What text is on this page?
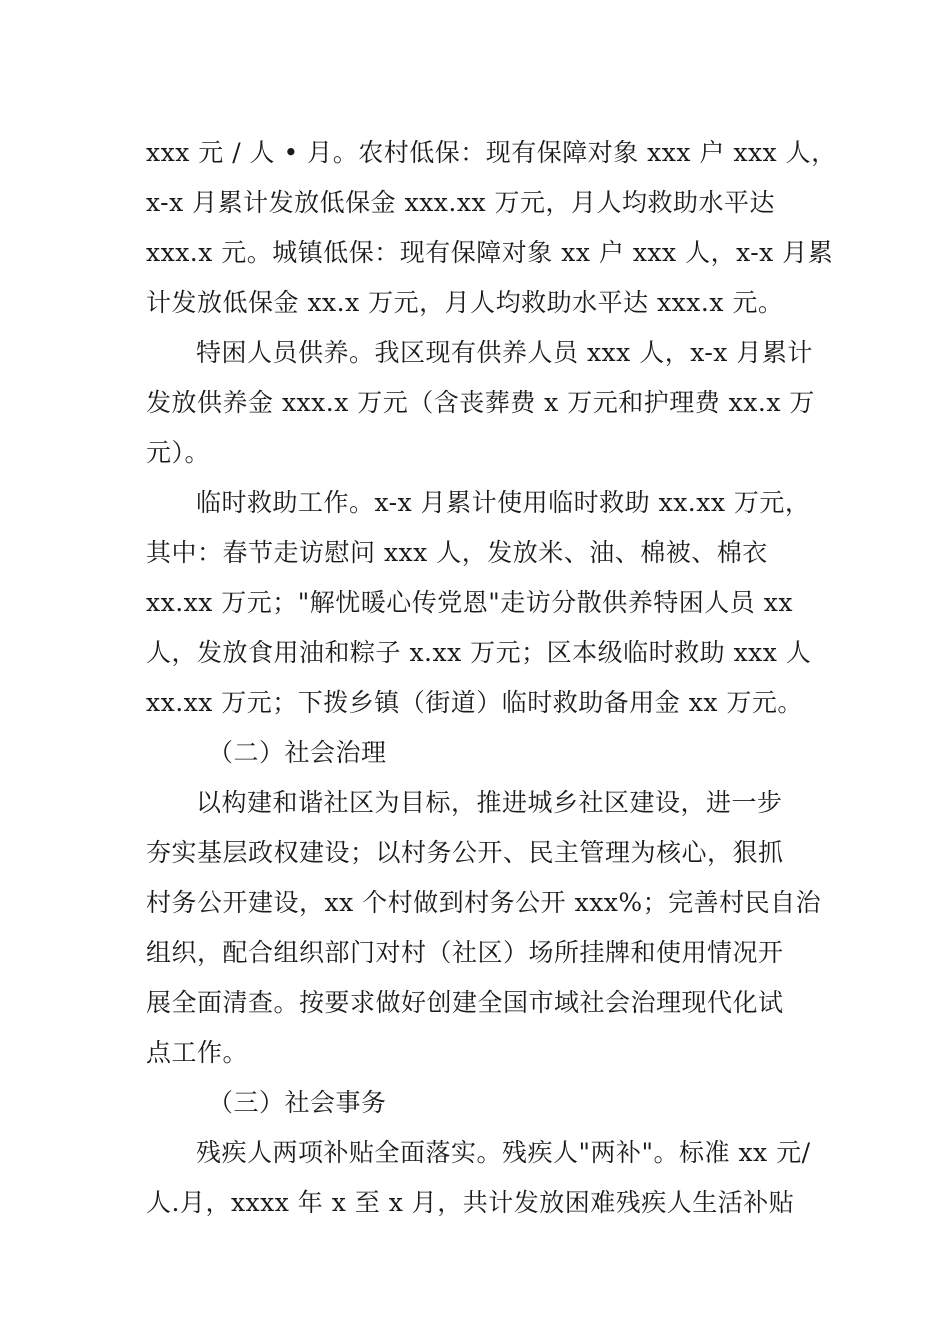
xxx 元 / 人 • 月。农村低保：现有保障对象 xxx 户 xxx 人，
x-x 月累计发放低保金 xxx.xx 万元，月人均救助水平达
xxx.x 元。城镇低保：现有保障对象 xx 户 xxx 人，x-x 月累
计发放低保金 xx.x 万元，月人均救助水平达 xxx.x 元。
特困人员供养。我区现有供养人员 xxx 人，x-x 月累计
发放供养金 xxx.x 万元（含丧葬费 x 万元和护理费 xx.x 万
元）。
临时救助工作。x-x 月累计使用临时救助 xx.xx 万元，
其中：春节走访慰问 xxx 人，发放米、油、棉被、棉衣
xx.xx 万元；"解忧暖心传党恩"走访分散供养特困人员 xx
人，发放食用油和粽子 x.xx 万元；区本级临时救助 xxx 人
xx.xx 万元；下拨乡镇（街道）临时救助备用金 xx 万元。
（二）社会治理
以构建和谐社区为目标，推进城乡社区建设，进一步
夯实基层政权建设；以村务公开、民主管理为核心，狠抓
村务公开建设，xx 个村做到村务公开 xxx%；完善村民自治
组织，配合组织部门对村（社区）场所挂牌和使用情况开
展全面清查。按要求做好创建全国市域社会治理现代化试
点工作。
（三）社会事务
残疾人两项补贴全面落实。残疾人"两补"。标准 xx 元/
人.月，xxxx 年 x 至 x 月，共计发放困难残疾人生活补贴
